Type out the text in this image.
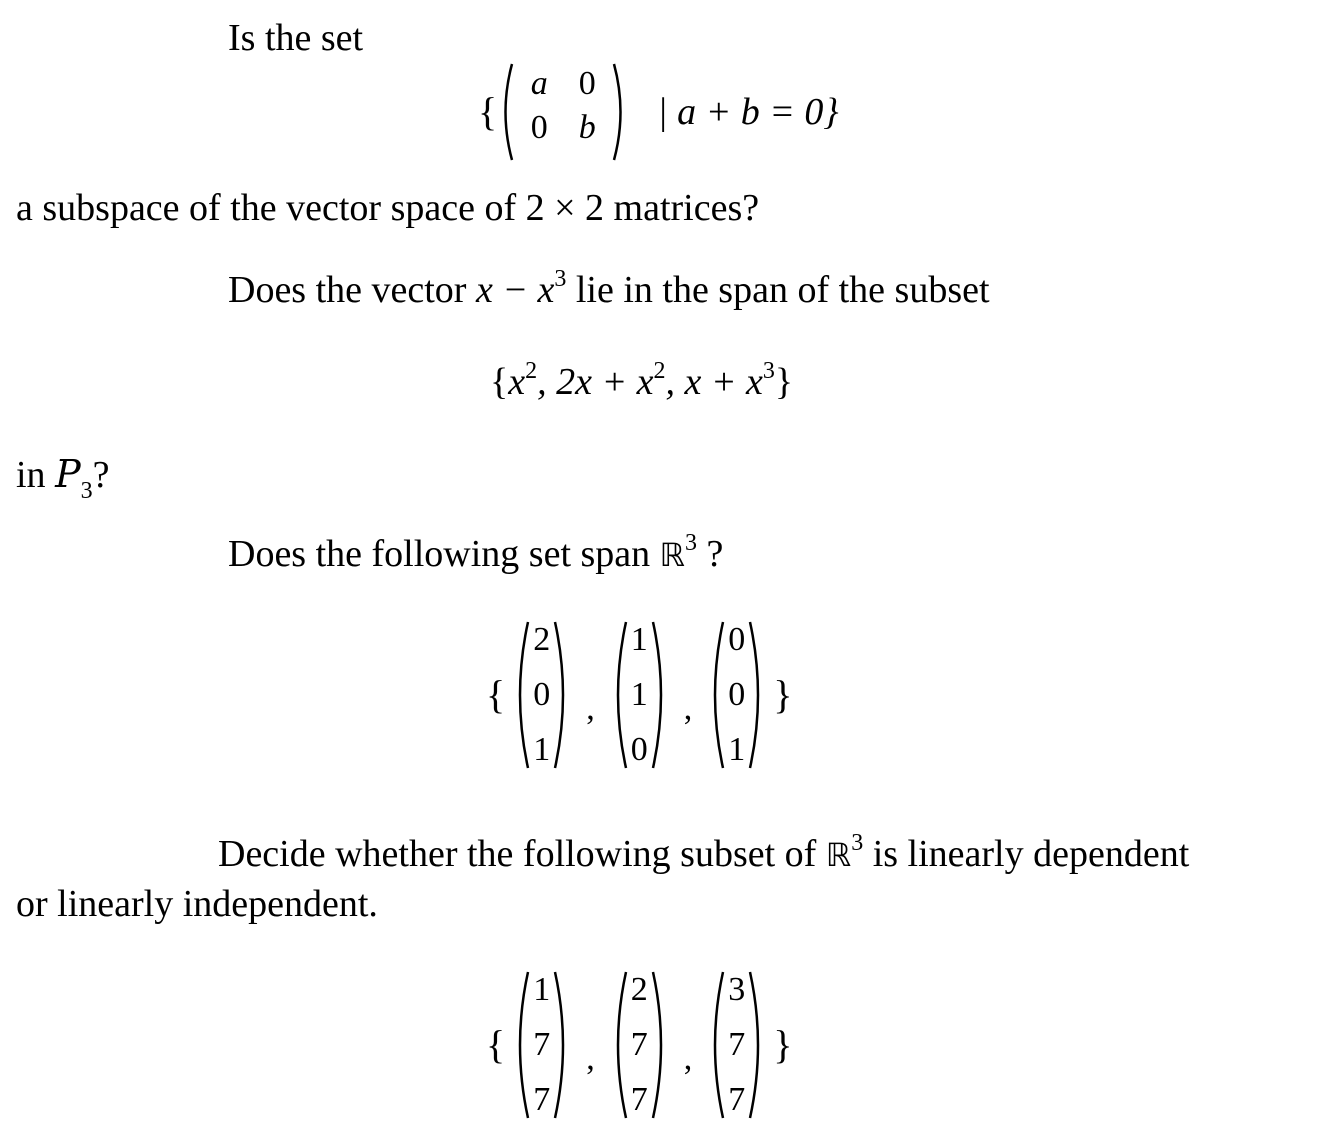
Is the set
{
a 0
0 b	| a + b = 0}
a subspace of the vector space of 2 × 2 matrices?
Does the vector $x - x^3$ lie in the span of the subset
{$x^2$, $2x + x^2$, $x + x^3$}
in $P_3$?
Does the following set span ℝ$^3$ ?
{
2
0
1
,
1
1
0
,
0
0
1
}
Decide whether the following subset of ℝ$^3$ is linearly dependent
or linearly independent.
{
1
7
7
,
2
7
7
,
3
7
7
}
